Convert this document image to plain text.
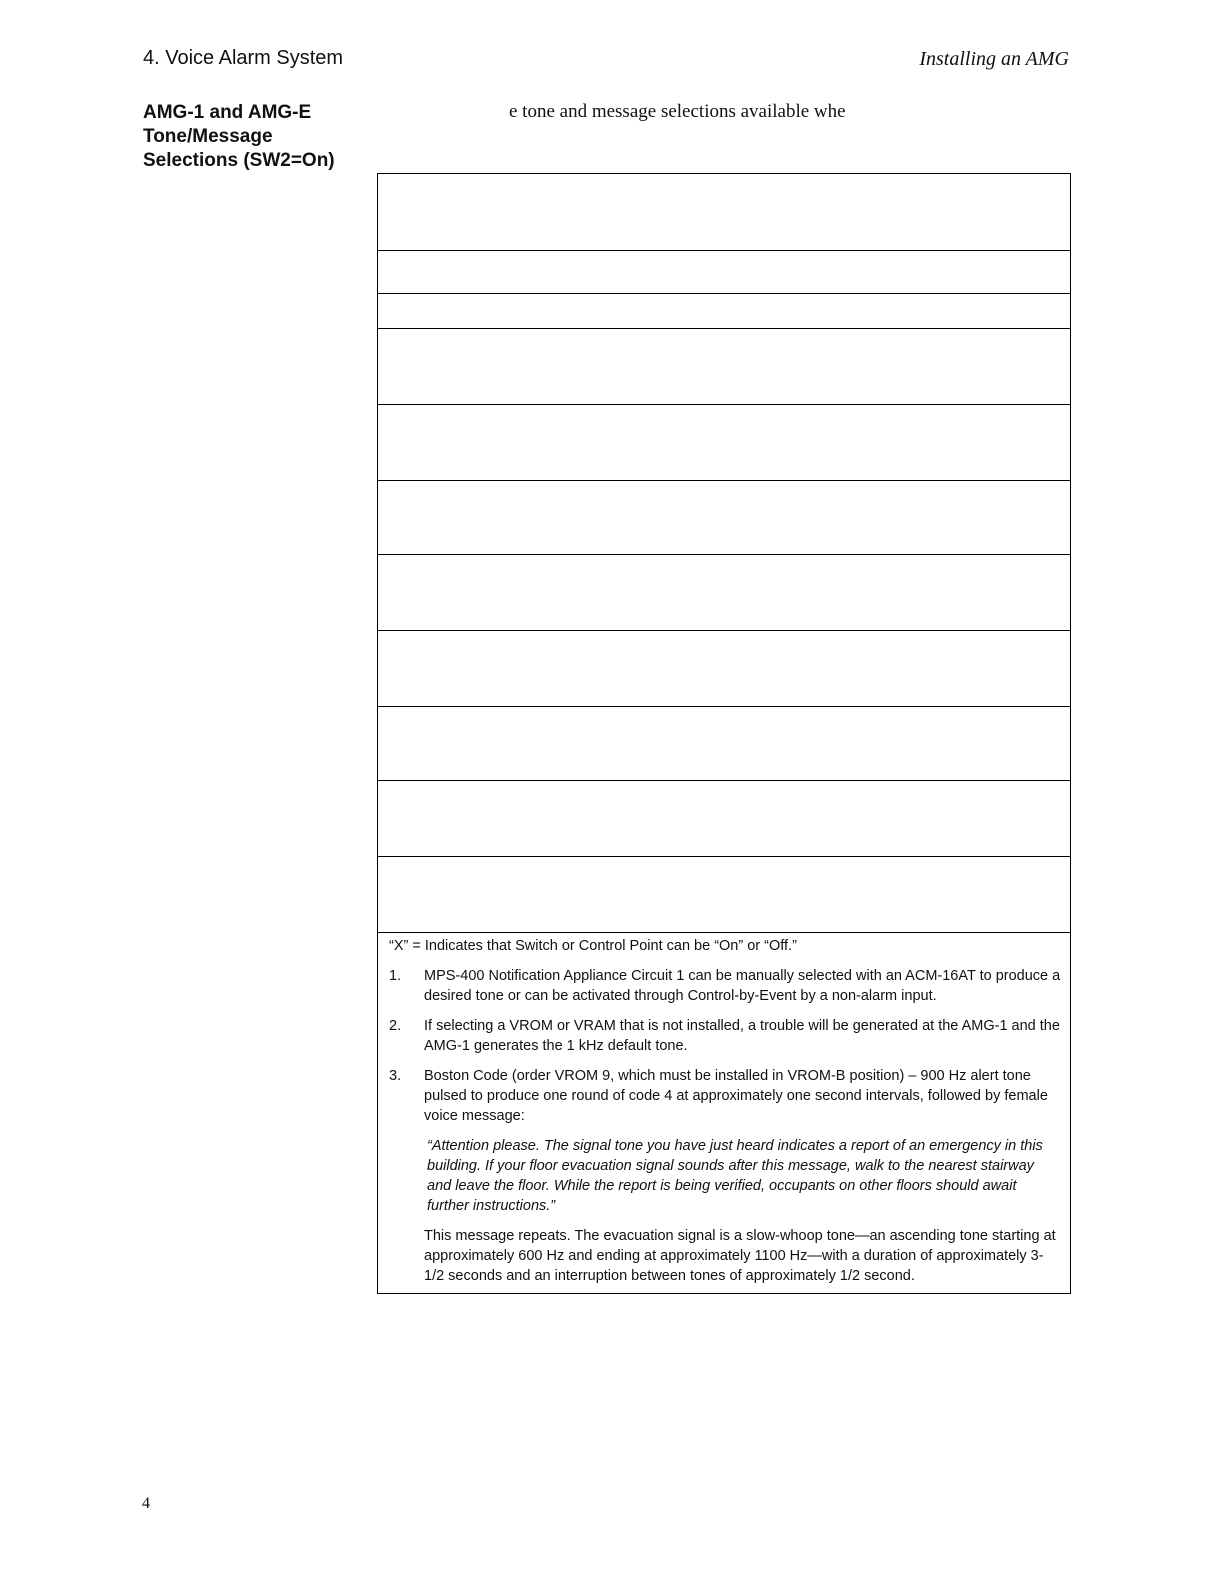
4. Voice Alarm System	Installing an AMG
AMG-1 and AMG-E
Tone/Message
Selections (SW2=On)
e tone and message selections available whe

“X” = Indicates that Switch or Control Point can be “On” or “Off.”

1. MPS-400 Notification Appliance Circuit 1 can be manually selected with an ACM-16AT to produce a desired tone or can be activated through Control-by-Event by a non-alarm input.
2. If selecting a VROM or VRAM that is not installed, a trouble will be generated at the AMG-1 and the AMG-1 generates the 1 kHz default tone.
3. Boston Code (order VROM 9, which must be installed in VROM-B position) – 900 Hz alert tone pulsed to produce one round of code 4 at approximately one second intervals, followed by female voice message:

“Attention please. The signal tone you have just heard indicates a report of an emergency in this building. If your floor evacuation signal sounds after this message, walk to the nearest stairway and leave the floor. While the report is being verified, occupants on other floors should await further instructions.”

This message repeats. The evacuation signal is a slow-whoop tone—an ascending tone starting at approximately 600 Hz and ending at approximately 1100 Hz—with a duration of approximately 3-1/2 seconds and an interruption between tones of approximately 1/2 second.

4
